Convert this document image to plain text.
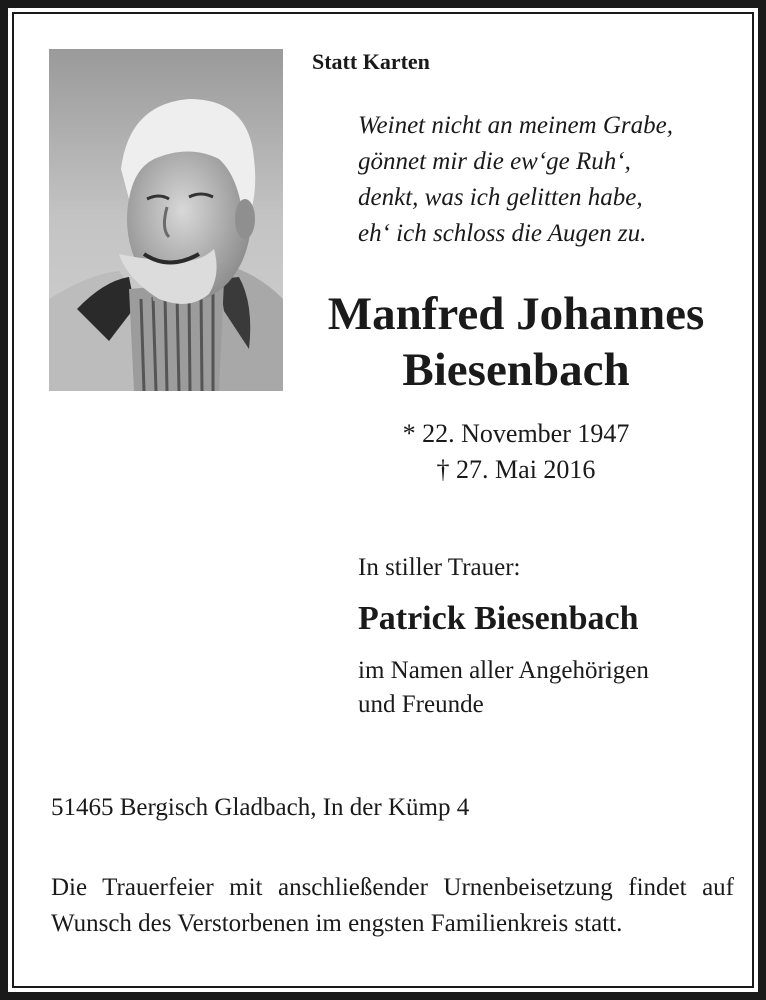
Statt Karten
Weinet nicht an meinem Grabe,
gönnet mir die ew‘ge Ruh‘,
denkt, was ich gelitten habe,
eh‘ ich schloss die Augen zu.
Manfred Johannes
Biesenbach
* 22. November 1947
† 27. Mai 2016
In stiller Trauer:
Patrick Biesenbach
im Namen aller Angehörigen
und Freunde
51465 Bergisch Gladbach, In der Kümp 4
Die Trauerfeier mit anschließender Urnenbeisetzung findet auf Wunsch des Verstorbenen im engsten Familienkreis statt.
